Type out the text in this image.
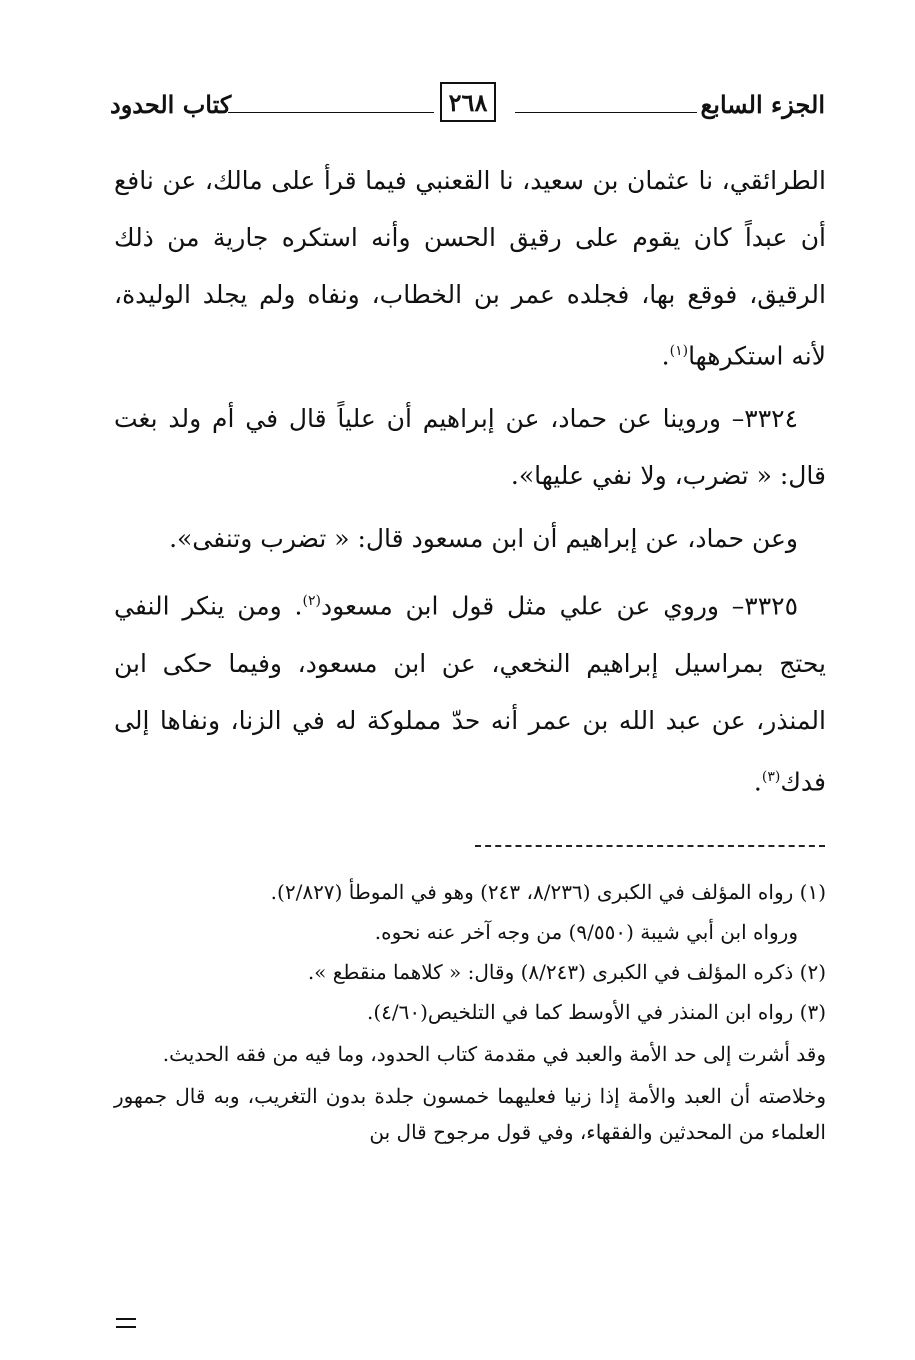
الجزء السابع
٢٦٨
كتاب الحدود

الطرائقي، نا عثمان بن سعيد، نا القعنبي فيما قرأ على مالك، عن نافع أن عبداً كان يقوم على رقيق الحسن وأنه استكره جارية من ذلك الرقيق، فوقع بها، فجلده عمر بن الخطاب، ونفاه ولم يجلد الوليدة، لأنه استكرهها$^{(١)}$.

٣٣٢٤– وروينا عن حماد، عن إبراهيم أن علياً قال في أم ولد بغت قال: « تضرب، ولا نفي عليها».

وعن حماد، عن إبراهيم أن ابن مسعود قال: « تضرب وتنفى».

٣٣٢٥– وروي عن علي مثل قول ابن مسعود$^{(٢)}$. ومن ينكر النفي يحتج بمراسيل إبراهيم النخعي، عن ابن مسعود، وفيما حكى ابن المنذر، عن عبد الله بن عمر أنه حدّ مملوكة له في الزنا، ونفاها إلى فدك$^{(٣)}$.

(١) رواه المؤلف في الكبرى (٨/٢٣٦، ٢٤٣) وهو في الموطأ (٢/٨٢٧).

ورواه ابن أبي شيبة (٩/٥٥٠) من وجه آخر عنه نحوه.

(٢) ذكره المؤلف في الكبرى (٨/٢٤٣) وقال: « كلاهما منقطع ».

(٣) رواه ابن المنذر في الأوسط كما في التلخيص(٤/٦٠).

وقد أشرت إلى حد الأمة والعبد في مقدمة كتاب الحدود، وما فيه من فقه الحديث.

وخلاصته أن العبد والأمة إذا زنيا فعليهما خمسون جلدة بدون التغريب، وبه قال جمهور العلماء من المحدثين والفقهاء، وفي قول مرجوح قال بن
